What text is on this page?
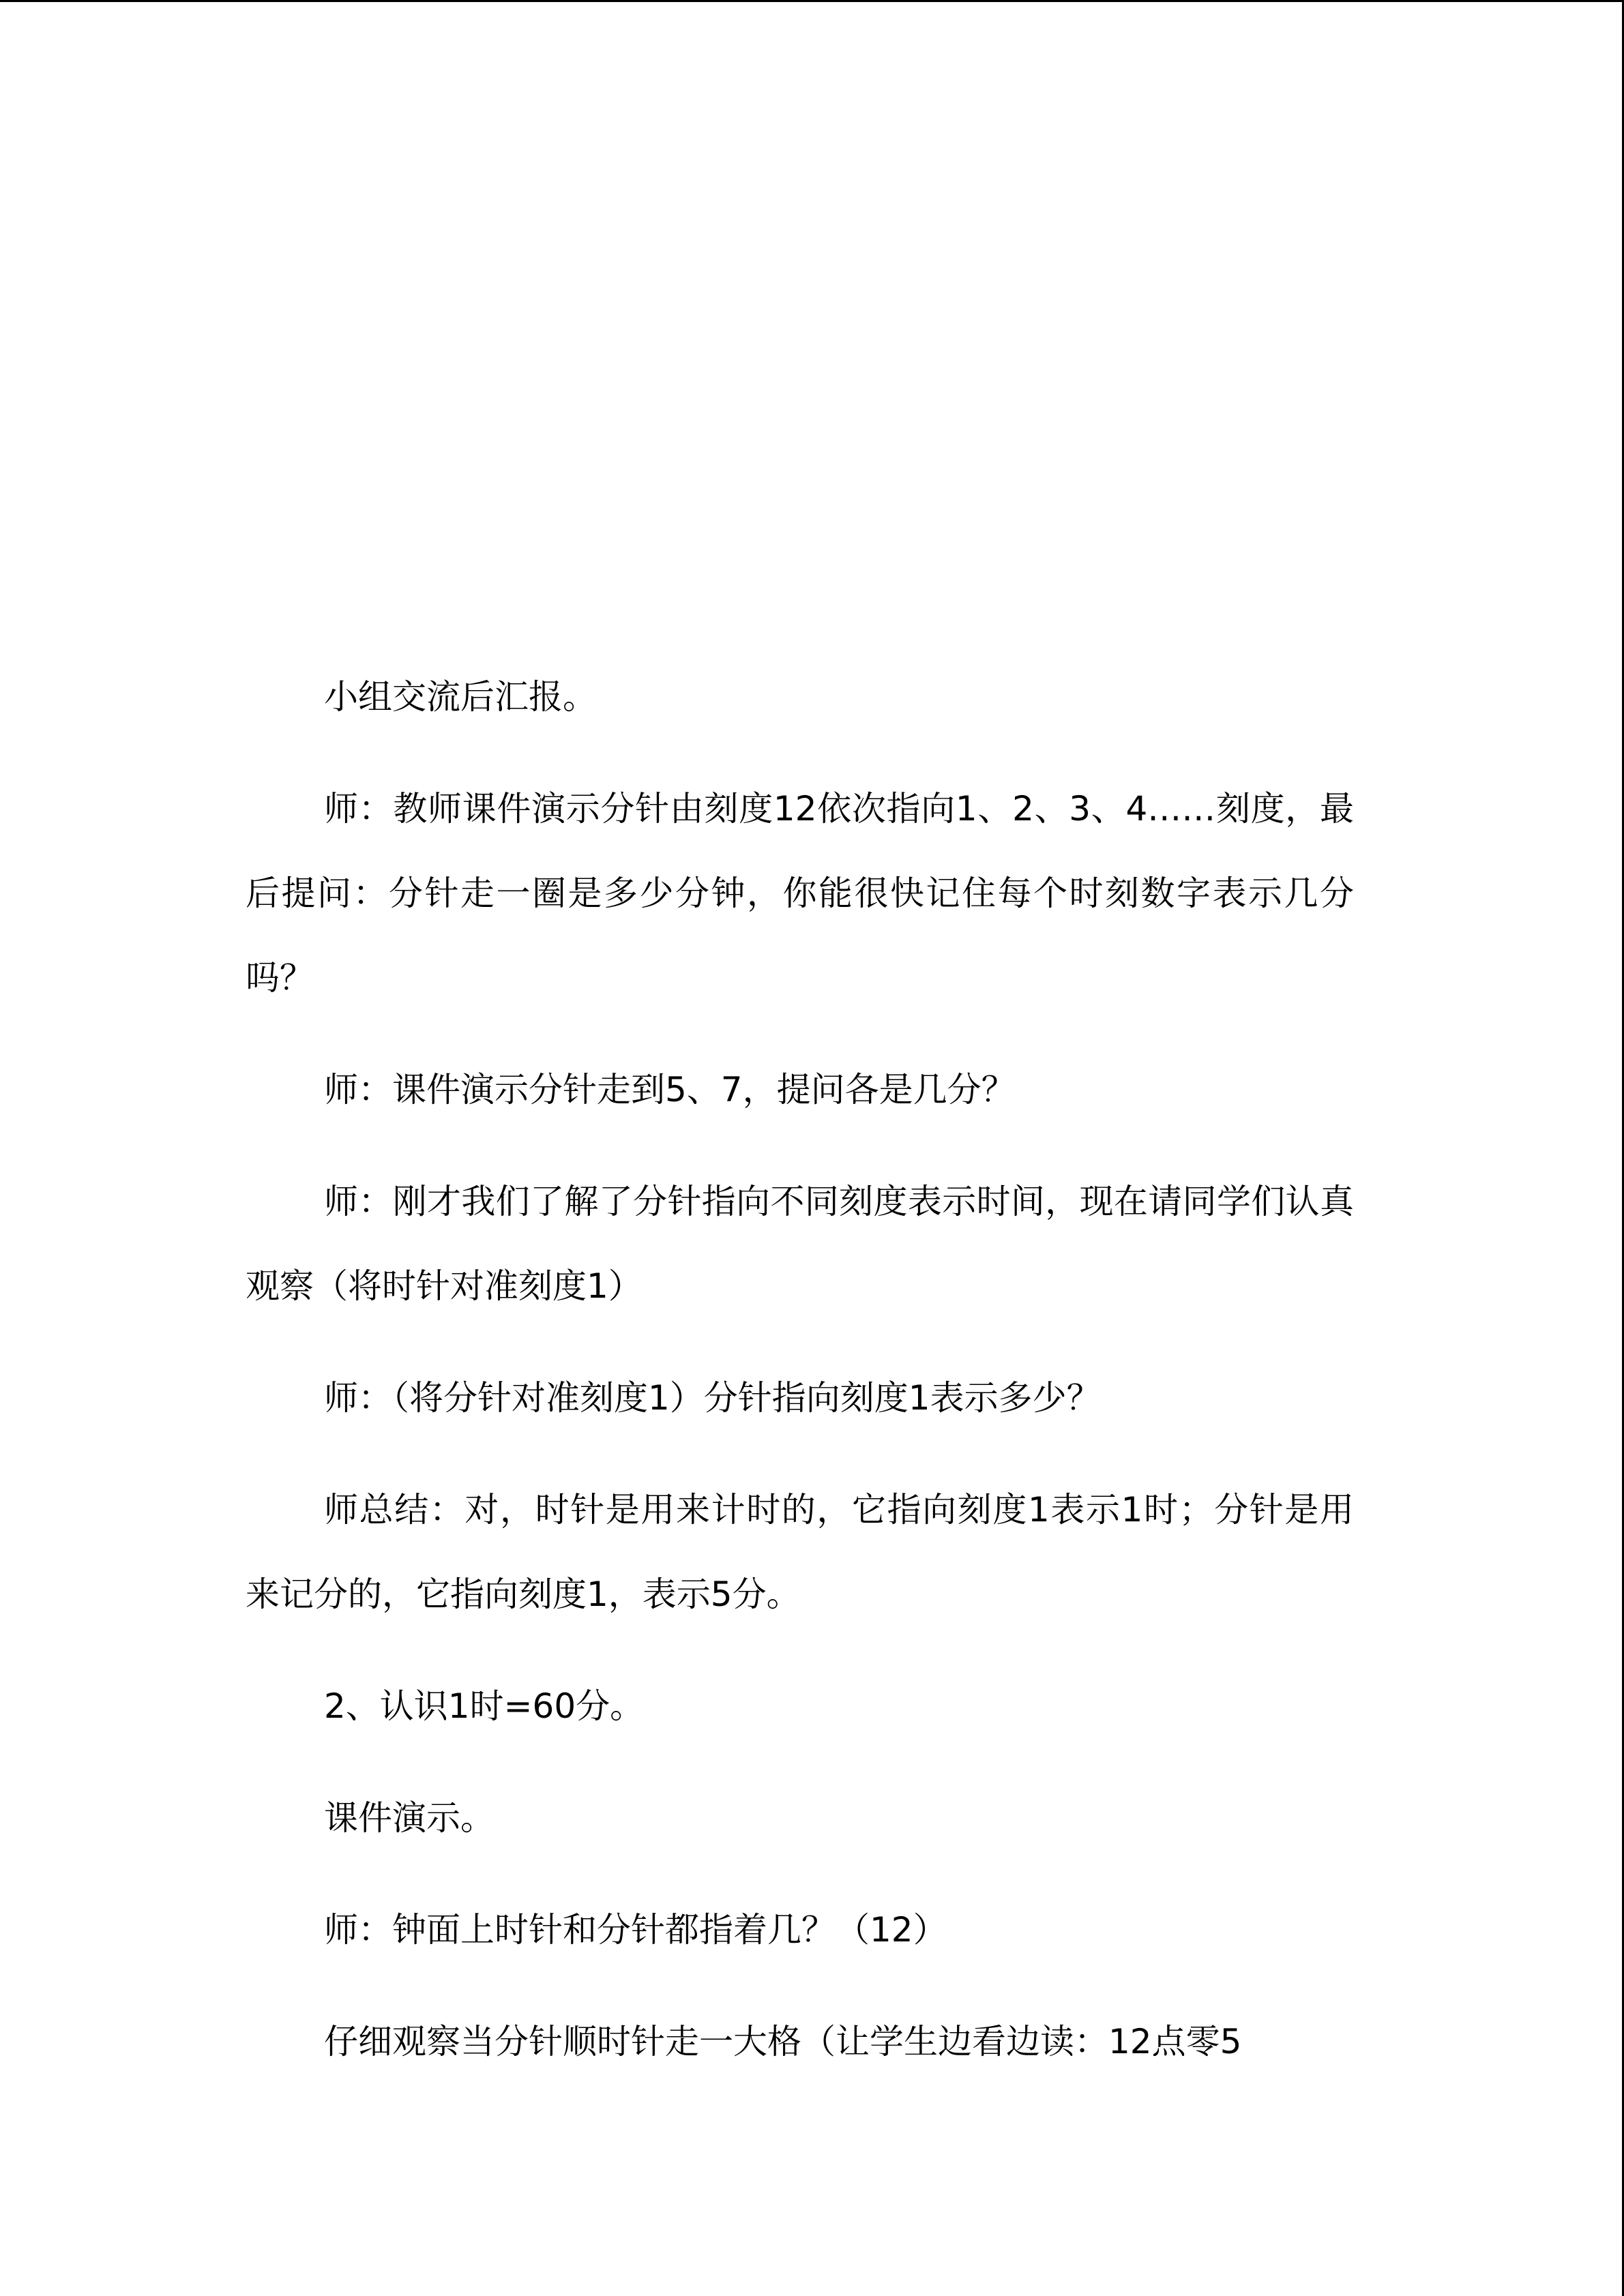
小组交流后汇报。

师：教师课件演示分针由刻度12依次指向1、2、3、4……刻度，最后提问：分针走一圈是多少分钟，你能很快记住每个时刻数字表示几分吗？

师：课件演示分针走到5、7，提问各是几分？

师：刚才我们了解了分针指向不同刻度表示时间，现在请同学们认真观察（将时针对准刻度1）

师：（将分针对准刻度1）分针指向刻度1表示多少？

师总结：对，时针是用来计时的，它指向刻度1表示1时；分针是用来记分的，它指向刻度1，表示5分。

2、认识1时=60分。

课件演示。

师：钟面上时针和分针都指着几？（12）

仔细观察当分针顺时针走一大格（让学生边看边读：12点零5
